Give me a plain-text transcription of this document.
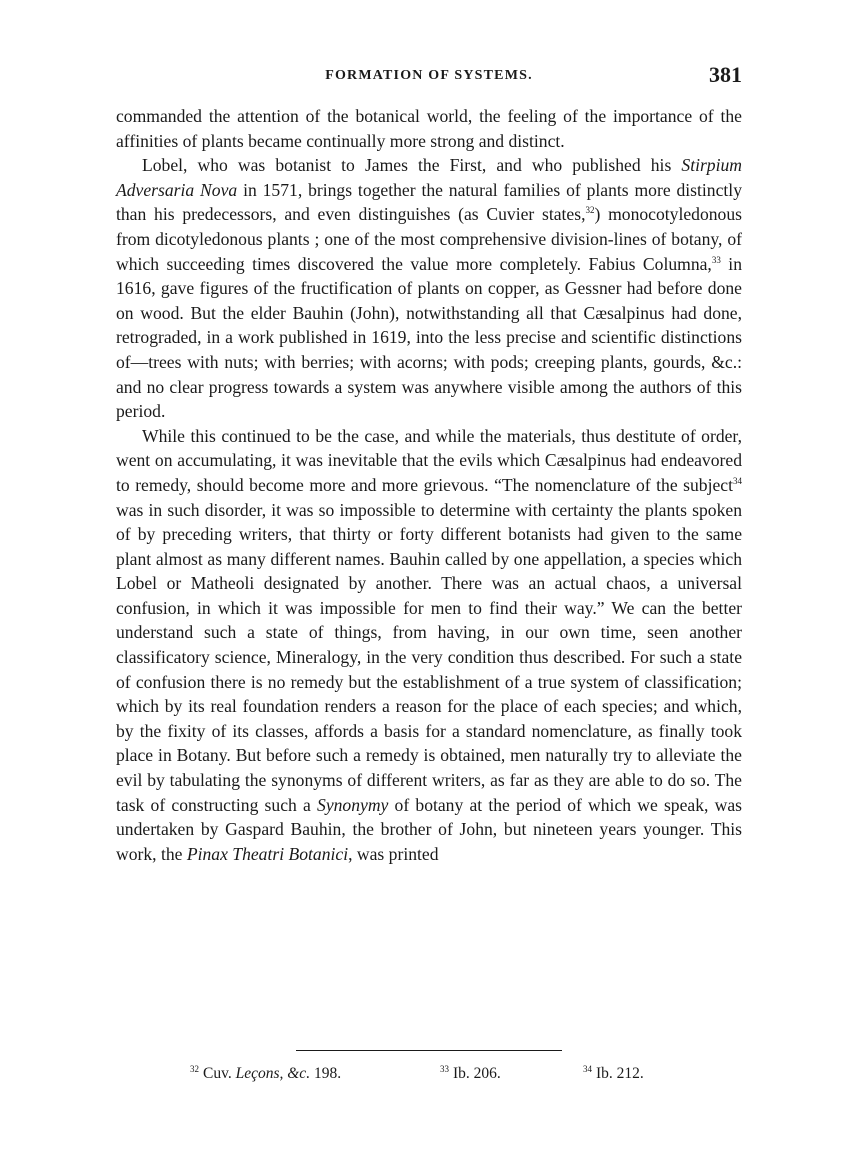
FORMATION OF SYSTEMS.	381

commanded the attention of the botanical world, the feeling of the importance of the affinities of plants became continually more strong and distinct.

Lobel, who was botanist to James the First, and who published his Stirpium Adversaria Nova in 1571, brings together the natural families of plants more distinctly than his predecessors, and even distinguishes (as Cuvier states,$^{32}$) monocotyledonous from dicotyledonous plants ; one of the most comprehensive division-lines of botany, of which succeeding times discovered the value more completely. Fabius Columna,$^{33}$ in 1616, gave figures of the fructification of plants on copper, as Gessner had before done on wood. But the elder Bauhin (John), notwithstanding all that Cæsalpinus had done, retrograded, in a work published in 1619, into the less precise and scientific distinctions of—trees with nuts; with berries; with acorns; with pods; creeping plants, gourds, &c.: and no clear progress towards a system was anywhere visible among the authors of this period.

While this continued to be the case, and while the materials, thus destitute of order, went on accumulating, it was inevitable that the evils which Cæsalpinus had endeavored to remedy, should become more and more grievous. “The nomenclature of the subject$^{34}$ was in such disorder, it was so impossible to determine with certainty the plants spoken of by preceding writers, that thirty or forty different botanists had given to the same plant almost as many different names. Bauhin called by one appellation, a species which Lobel or Matheoli designated by another. There was an actual chaos, a universal confusion, in which it was impossible for men to find their way.” We can the better understand such a state of things, from having, in our own time, seen another classificatory science, Mineralogy, in the very condition thus described. For such a state of confusion there is no remedy but the establishment of a true system of classification; which by its real foundation renders a reason for the place of each species; and which, by the fixity of its classes, affords a basis for a standard nomenclature, as finally took place in Botany. But before such a remedy is obtained, men naturally try to alleviate the evil by tabulating the synonyms of different writers, as far as they are able to do so. The task of constructing such a Synonymy of botany at the period of which we speak, was undertaken by Gaspard Bauhin, the brother of John, but nineteen years younger. This work, the Pinax Theatri Botanici, was printed

$^{32}$ Cuv. Leçons, &c. 198.	$^{33}$ Ib. 206.	$^{34}$ Ib. 212.
